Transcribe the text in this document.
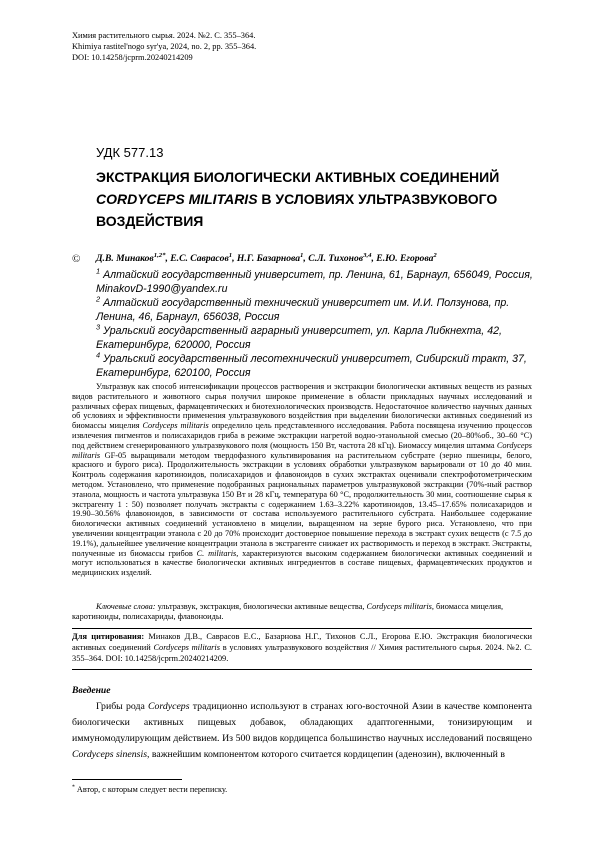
Химия растительного сырья. 2024. №2. С. 355–364.
Khimiya rastitel'nogo syr'ya, 2024, no. 2, pp. 355–364.
DOI: 10.14258/jcprm.20240214209
УДК 577.13
ЭКСТРАКЦИЯ БИОЛОГИЧЕСКИ АКТИВНЫХ СОЕДИНЕНИЙ
CORDYCEPS MILITARIS В УСЛОВИЯХ УЛЬТРАЗВУКОВОГО
ВОЗДЕЙСТВИЯ
© Д.В. Минаков$^{1,2*}$, Е.С. Савраcов$^1$, Н.Г. Базарнова$^1$, С.Л. Тихонов$^{3,4}$, Е.Ю. Егорова$^2$
$^1$ Алтайский государственный университет, пр. Ленина, 61, Барнаул, 656049, Россия, MinakovD-1990@yandex.ru
$^2$ Алтайский государственный технический университет им. И.И. Ползунова, пр. Ленина, 46, Барнаул, 656038, Россия
$^3$ Уральский государственный аграрный университет, ул. Карла Либкнехта, 42, Екатеринбург, 620000, Россия
$^4$ Уральский государственный лесотехнический университет, Сибирский тракт, 37, Екатеринбург, 620100, Россия
Ультразвук как способ интенсификации процессов растворения и экстракции биологически активных веществ из разных видов растительного и животного сырья получил широкое применение в области прикладных научных исследований и различных сферах пищевых, фармацевтических и биотехнологических производств. Недостаточное количество научных данных об условиях и эффективности применения ультразвукового воздействия при выделении биологически активных соединений из биомассы мицелия Cordyceps militaris определило цель представленного исследования. Работа посвящена изучению процессов извлечения пигментов и полисахаридов гриба в режиме экстракции нагретой водно-этанольной смесью (20–80%об., 30–60 °С) под действием сгенерированного ультразвукового поля (мощность 150 Вт, частота 28 кГц). Биомассу мицелия штамма Cordyceps militaris GF-05 выращивали методом твердофазного культивирования на растительном субстрате (зерно пшеницы, белого, красного и бурого риса). Продолжительность экстракции в условиях обработки ультразвуком варьировали от 10 до 40 мин. Контроль содержания каротиноидов, полисахаридов и флавоноидов в сухих экстрактах оценивали спектрофотометрическим методом. Установлено, что применение подобранных рациональных параметров ультразвуковой экстракции (70%-ный раствор этанола, мощность и частота ультразвука 150 Вт и 28 кГц, температура 60 °С, продолжительность 30 мин, соотношение сырья к экстрагенту 1 : 50) позволяет получать экстракты с содержанием 1.63–3.22% каротиноидов, 13.45–17.65% полисахаридов и 19.90–30.56% флавоноидов, в зависимости от состава используемого растительного субстрата. Наибольшее содержание биологически активных соединений установлено в мицелии, выращенном на зерне бурого риса. Установлено, что при увеличении концентрации этанола с 20 до 70% происходит достоверное повышение перехода в экстракт сухих веществ (с 7.5 до 19.1%), дальнейшее увеличение концентрации этанола в экстрагенте снижает их растворимость и переход в экстракт. Экстракты, полученные из биомассы грибов C. militaris, характеризуются высоким содержанием биологически активных соединений и могут использоваться в качестве биологически активных ингредиентов в составе пищевых, фармацевтических продуктов и медицинских изделий.
Ключевые слова: ультразвук, экстракция, биологически активные вещества, Cordyceps militaris, биомасса мицелия, каротиноиды, полисахариды, флавоноиды.
Для цитирования: Минаков Д.В., Савраcов Е.С., Базарнова Н.Г., Тихонов С.Л., Егорова Е.Ю. Экстракция биологически активных соединений Cordyceps militaris в условиях ультразвукового воздействия // Химия растительного сырья. 2024. №2. С. 355–364. DOI: 10.14258/jcprm.20240214209.
Введение
Грибы рода Cordyceps традиционно используют в странах юго-восточной Азии в качестве компонента биологически активных пищевых добавок, обладающих адаптогенными, тонизирующим и иммуномодулирующим действием. Из 500 видов кордицепса большинство научных исследований посвящено Cordyceps sinensis, важнейшим компонентом которого считается кордицепин (аденозин), включенный в
* Автор, с которым следует вести переписку.
